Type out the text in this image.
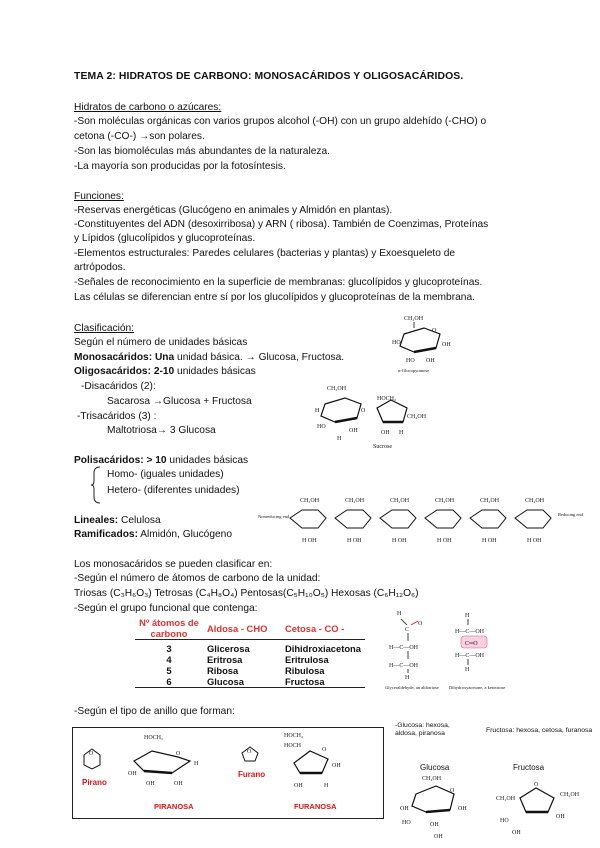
TEMA 2: HIDRATOS DE CARBONO: MONOSACÁRIDOS Y OLIGOSACÁRIDOS.
Hidratos de carbono o azúcares:
-Son moléculas orgánicas con varios grupos alcohol (-OH) con un grupo aldehído (-CHO) o
cetona (-CO-) →son polares.
-Son las biomoléculas más abundantes de la naturaleza.
-La mayoría son producidas por la fotosíntesis.
Funciones:
-Reservas energéticas (Glucógeno en animales y Almidón en plantas).
-Constituyentes del ADN (desoxirribosa) y ARN ( ribosa). También de Coenzimas, Proteínas
y Lípidos (glucolípidos y glucoproteínas.
-Elementos estructurales: Paredes celulares (bacterias y plantas) y Exoesqueleto de
artrópodos.
-Señales de reconocimiento en la superficie de membranas: glucolípidos y glucoproteínas.
Las células se diferencian entre sí por los glucolípidos y glucoproteínas de la membrana.
Clasificación:
Según el número de unidades básicas
Monosacáridos: Una unidad básica. → Glucosa, Fructosa.
Oligosacáridos: 2-10 unidades básicas
-Disacáridos (2):
Sacarosa →Glucosa + Fructosa
-Trisacáridos (3) :
Maltotriosa→ 3 Glucosa
Polisacáridos: > 10 unidades básicas
Homo- (iguales unidades)
Hetero- (diferentes unidades)
Lineales: Celulosa
Ramificados: Almidón, Glucógeno
Los monosacáridos se pueden clasificar en:
-Según el número de átomos de carbono de la unidad:
Triosas (C₃H₆O₃) Tetrosas (C₄H₈O₄) Pentosas(C₅H₁₀O₅) Hexosas (C₆H₁₂O₆)
-Según el grupo funcional que contenga:
-Según el tipo de anillo que forman:
Nº átomos de carbono	Aldosa - CHO	Cetosa - CO -
3	Glicerosa	Dihidroxiacetona
4	Eritrosa	Eritrulosa
5	Ribosa	Ribulosa
6	Glucosa	Fructosa
CH₂OH
O
HO	OH
HO OH
α-Glucopyranose
CH₂OH
H
HO
OH
H
O
HOCH₂
CH₂OH
OH H
Sucrose
Nonreducing end
CH₂OH
H OH
CH₂OH
H OH
CH₂OH
H OH
CH₂OH
H OH
CH₂OH
H OH
CH₂OH
H OH
Reducing end
H
O
C
H—C—OH
H—C—OH
H
Glyceraldehyde, an aldotriose
H
H—C—OH
C═O
H—C—OH
H
Dihydroxyacetone, a ketotriose
O
Pirano
HOCH₂
O
OH
H
OH
OH
PIRANOSA
O
Furano
HOCH₂
HOCH
O
OH
OH	H
FURANOSA
-Glucosa: hexosa, aldosa, piranosa	Fructosa: hexosa, cetosa, furanosa
Glucosa	Fructosa
CH₂OH
O
OH	OH
HO	OH
OH
CH₂OH
O
CH₂OH
OH
HO
OH
